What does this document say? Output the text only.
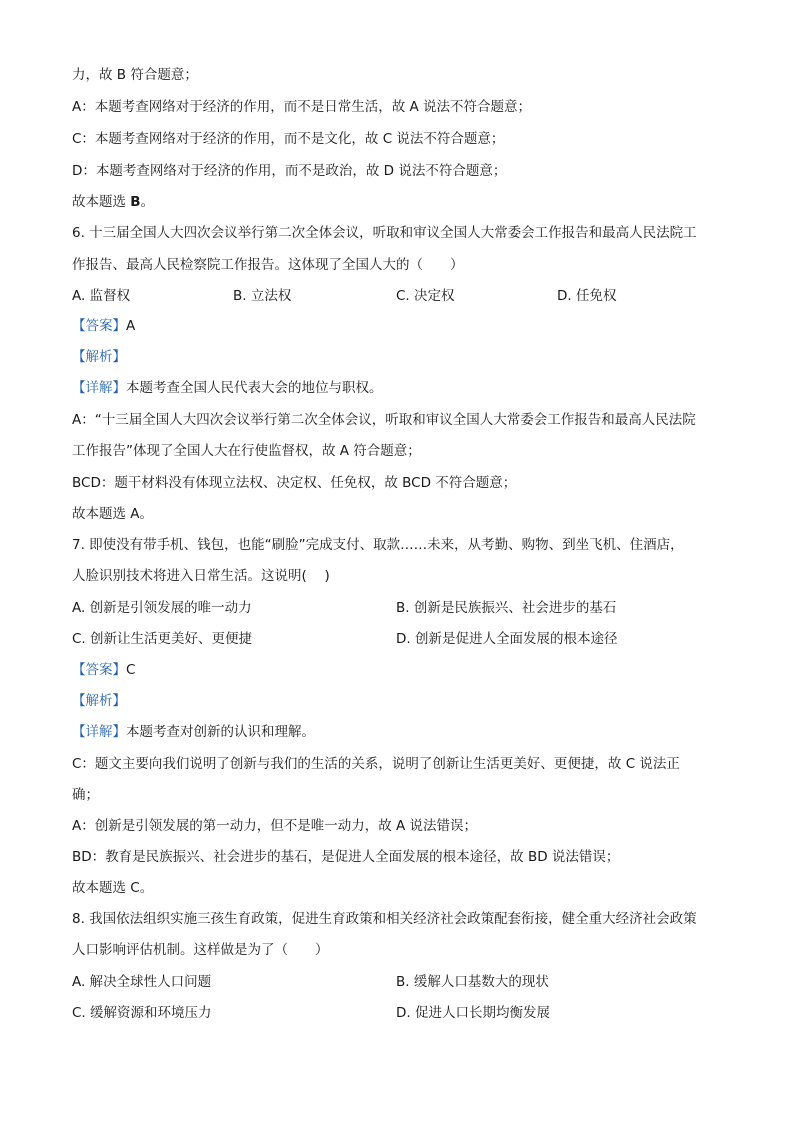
力，故 B 符合题意；
A：本题考查网络对于经济的作用，而不是日常生活，故 A 说法不符合题意；
C：本题考查网络对于经济的作用，而不是文化，故 C 说法不符合题意；
D：本题考查网络对于经济的作用，而不是政治，故 D 说法不符合题意；
故本题选 B。
6. 十三届全国人大四次会议举行第二次全体会议，听取和审议全国人大常委会工作报告和最高人民法院工
作报告、最高人民检察院工作报告。这体现了全国人大的（　　）
A. 监督权	B. 立法权	C. 决定权	D. 任免权
【答案】A
【解析】
【详解】本题考查全国人民代表大会的地位与职权。
A：“十三届全国人大四次会议举行第二次全体会议，听取和审议全国人大常委会工作报告和最高人民法院
工作报告”体现了全国人大在行使监督权，故 A 符合题意；
BCD：题干材料没有体现立法权、决定权、任免权，故 BCD 不符合题意；
故本题选 A。
7. 即使没有带手机、钱包，也能“刷脸”完成支付、取款……未来，从考勤、购物、到坐飞机、住酒店，
人脸识别技术将进入日常生活。这说明(　 )
A. 创新是引领发展的唯一动力	B. 创新是民族振兴、社会进步的基石
C. 创新让生活更美好、更便捷	D. 创新是促进人全面发展的根本途径
【答案】C
【解析】
【详解】本题考查对创新的认识和理解。
C：题文主要向我们说明了创新与我们的生活的关系，说明了创新让生活更美好、更便捷，故 C 说法正
确；
A：创新是引领发展的第一动力，但不是唯一动力，故 A 说法错误；
BD：教育是民族振兴、社会进步的基石，是促进人全面发展的根本途径，故 BD 说法错误；
故本题选 C。
8. 我国依法组织实施三孩生育政策，促进生育政策和相关经济社会政策配套衔接，健全重大经济社会政策
人口影响评估机制。这样做是为了（　　）
A. 解决全球性人口问题	B. 缓解人口基数大的现状
C. 缓解资源和环境压力	D. 促进人口长期均衡发展
